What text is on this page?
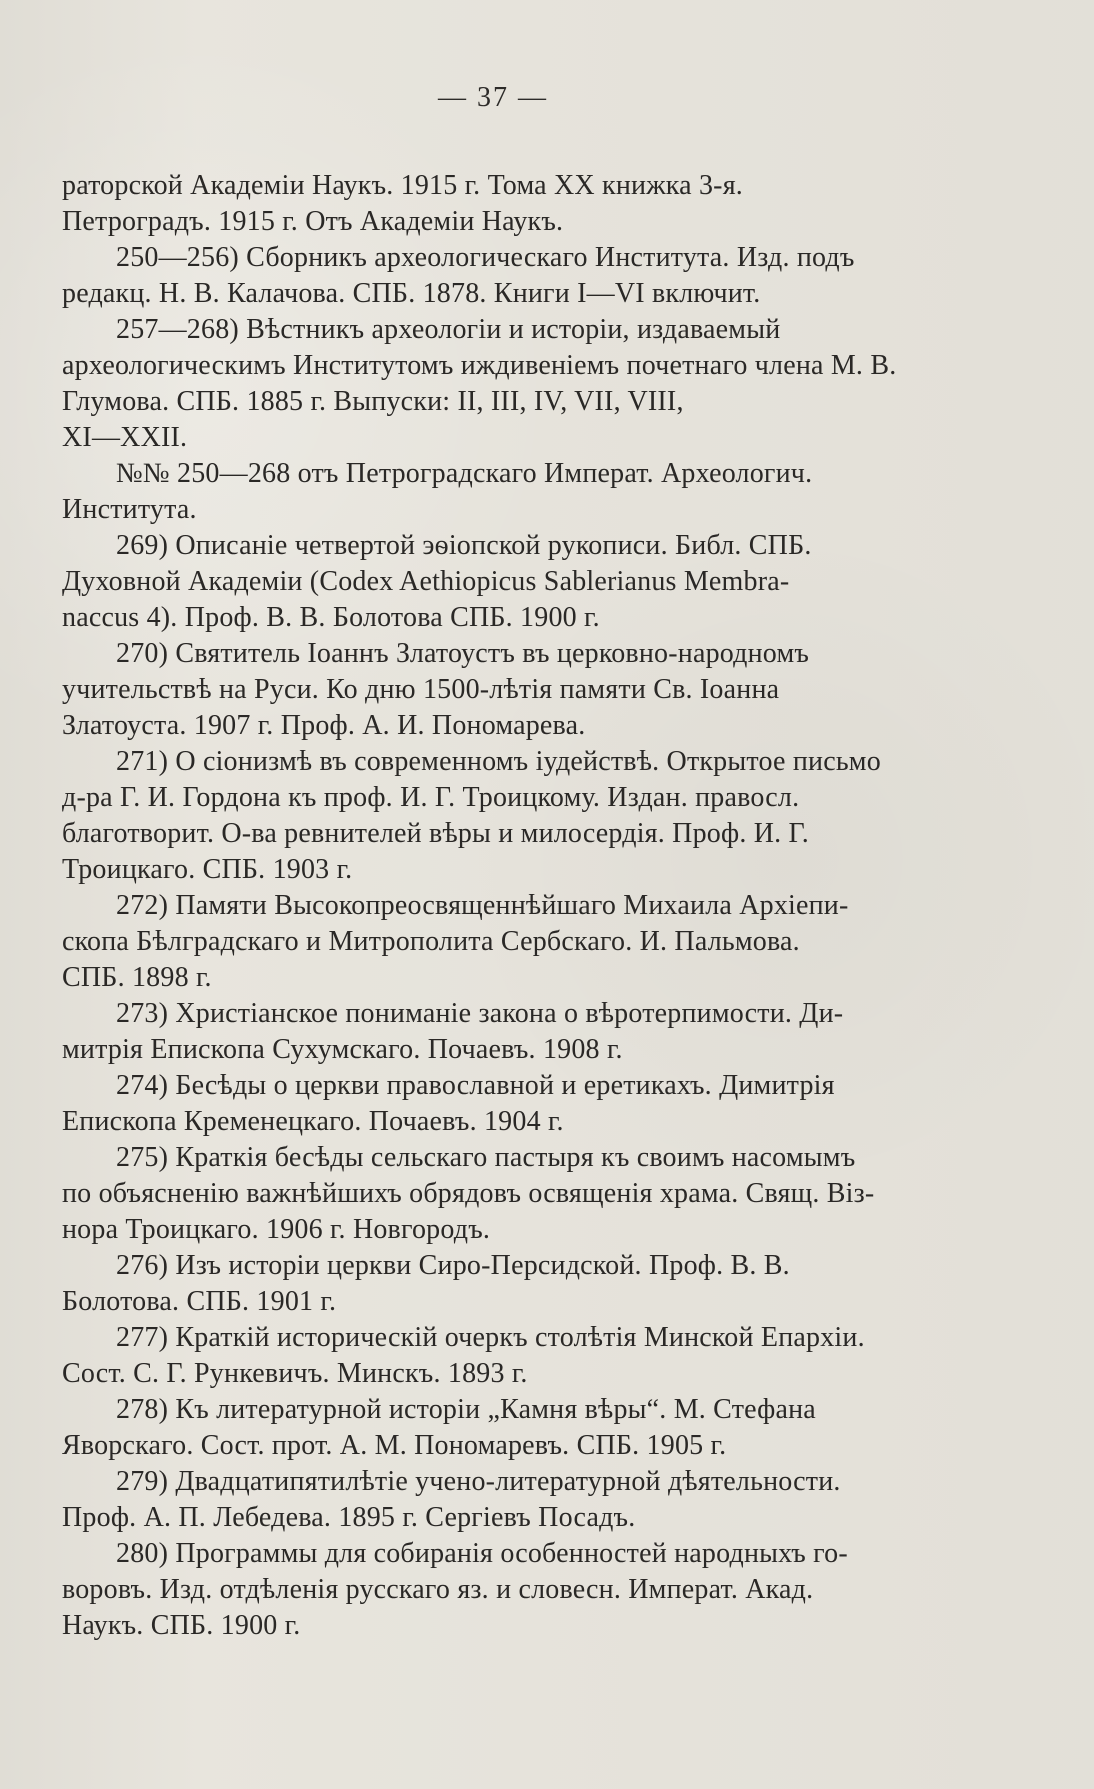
— 37 —

раторской Академіи Наукъ. 1915 г. Тома XX книжка 3-я.
Петроградъ. 1915 г. Отъ Академіи Наукъ.

250—256) Сборникъ археологическаго Института. Изд. подъ
редакц. Н. В. Калачова. СПБ. 1878. Книги I—VI включит.

257—268) Вѣстникъ археологіи и исторіи, издаваемый
археологическимъ Институтомъ иждивеніемъ почетнаго члена М. В.
Глумова. СПБ. 1885 г. Выпуски: II, III, IV, VII, VIII,
XI—XXII.

№№ 250—268 отъ Петроградскаго Императ. Археологич.
Института.

269) Описаніе четвертой эѳіопской рукописи. Библ. СПБ.
Духовной Академіи (Codex Aethiopicus Sablerianus Membra-
naccus 4). Проф. В. В. Болотова СПБ. 1900 г.

270) Святитель Іоаннъ Златоустъ въ церковно-народномъ
учительствѣ на Руси. Ко дню 1500-лѣтія памяти Св. Іоанна
Златоуста. 1907 г. Проф. А. И. Пономарева.

271) О сіонизмѣ въ современномъ іудействѣ. Открытое письмо
д-ра Г. И. Гордона къ проф. И. Г. Троицкому. Издан. правосл.
благотворит. О-ва ревнителей вѣры и милосердія. Проф. И. Г.
Троицкаго. СПБ. 1903 г.

272) Памяти Высокопреосвященнѣйшаго Михаила Архіепи-
скопа Бѣлградскаго и Митрополита Сербскаго. И. Пальмова.
СПБ. 1898 г.

273) Христіанское пониманіе закона о вѣротерпимости. Ди-
митрія Епископа Сухумскаго. Почаевъ. 1908 г.

274) Бесѣды о церкви православной и еретикахъ. Димитрія
Епископа Кременецкаго. Почаевъ. 1904 г.

275) Краткія бесѣды сельскаго пастыря къ своимъ насомымъ
по объясненію важнѣйшихъ обрядовъ освященія храма. Свящ. Віз-
нора Троицкаго. 1906 г. Новгородъ.

276) Изъ исторіи церкви Сиро-Персидской. Проф. В. В.
Болотова. СПБ. 1901 г.

277) Краткій историческій очеркъ столѣтія Минской Епархіи.
Сост. С. Г. Рункевичъ. Минскъ. 1893 г.

278) Къ литературной исторіи „Камня вѣры“. М. Стефана
Яворскаго. Сост. прот. А. М. Пономаревъ. СПБ. 1905 г.

279) Двадцатипятилѣтіе учено-литературной дѣятельности.
Проф. А. П. Лебедева. 1895 г. Сергіевъ Посадъ.

280) Программы для собиранія особенностей народныхъ го-
воровъ. Изд. отдѣленія русскаго яз. и словесн. Императ. Акад.
Наукъ. СПБ. 1900 г.
